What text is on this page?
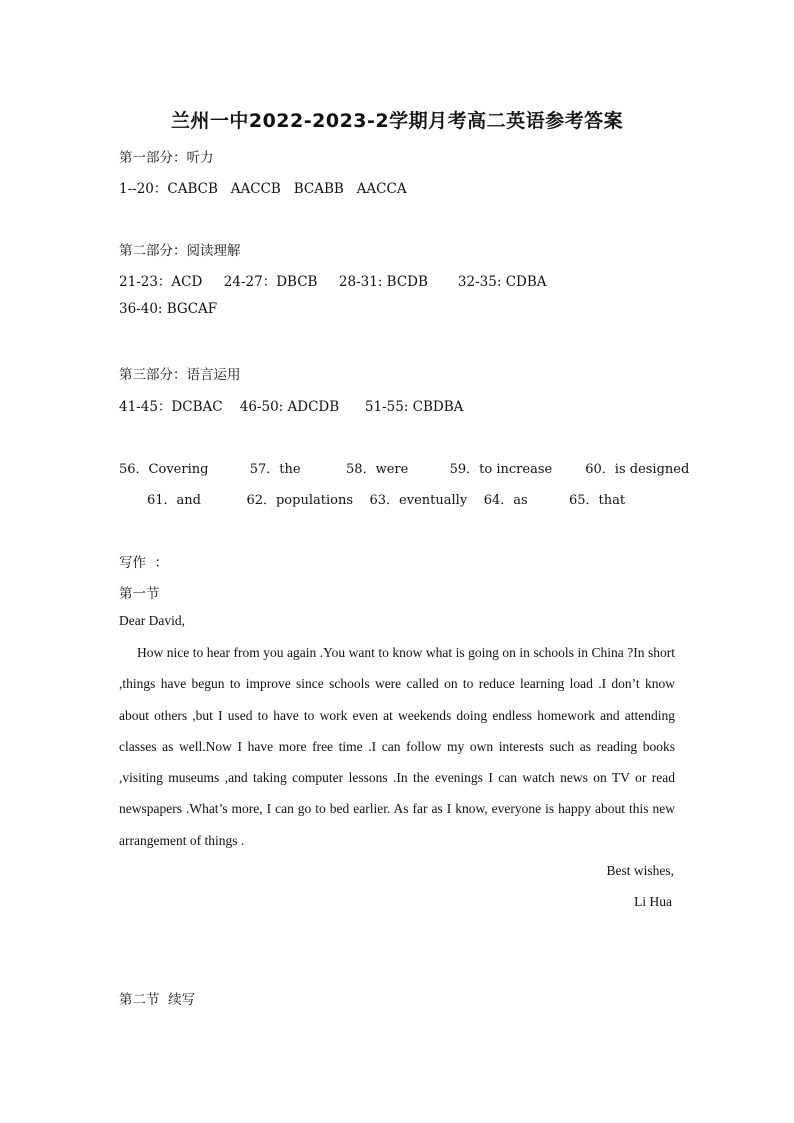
兰州一中2022-2023-2学期月考高二英语参考答案
第一部分：听力
1--20：CABCB   AACCB   BCABB   AACCA
第二部分：阅读理解
21-23：ACD     24-27：DBCB     28-31: BCDB       32-35: CDBA
36-40: BGCAF
第三部分：语言运用
41-45：DCBAC    46-50: ADCDB      51-55: CBDBA
56．Covering          57．the           58．were          59．to increase        60．is designed
61．and           62．populations    63．eventually    64．as          65．that
写作  ：
第一节
Dear David,
How nice to hear from you again .You want to know what is going on in schools in China ?In short ,things have begun to improve since schools were called on to reduce learning load .I don’t know about others ,but I used to have to work even at weekends doing endless homework and attending classes as well.Now I have more free time .I can follow my own interests such as reading books ,visiting museums ,and taking computer lessons .In the evenings I can watch news on TV or read newspapers .What’s more, I can go to bed earlier. As far as I know, everyone is happy about this new arrangement of things .
Best wishes,
Li Hua
第二节  续写
